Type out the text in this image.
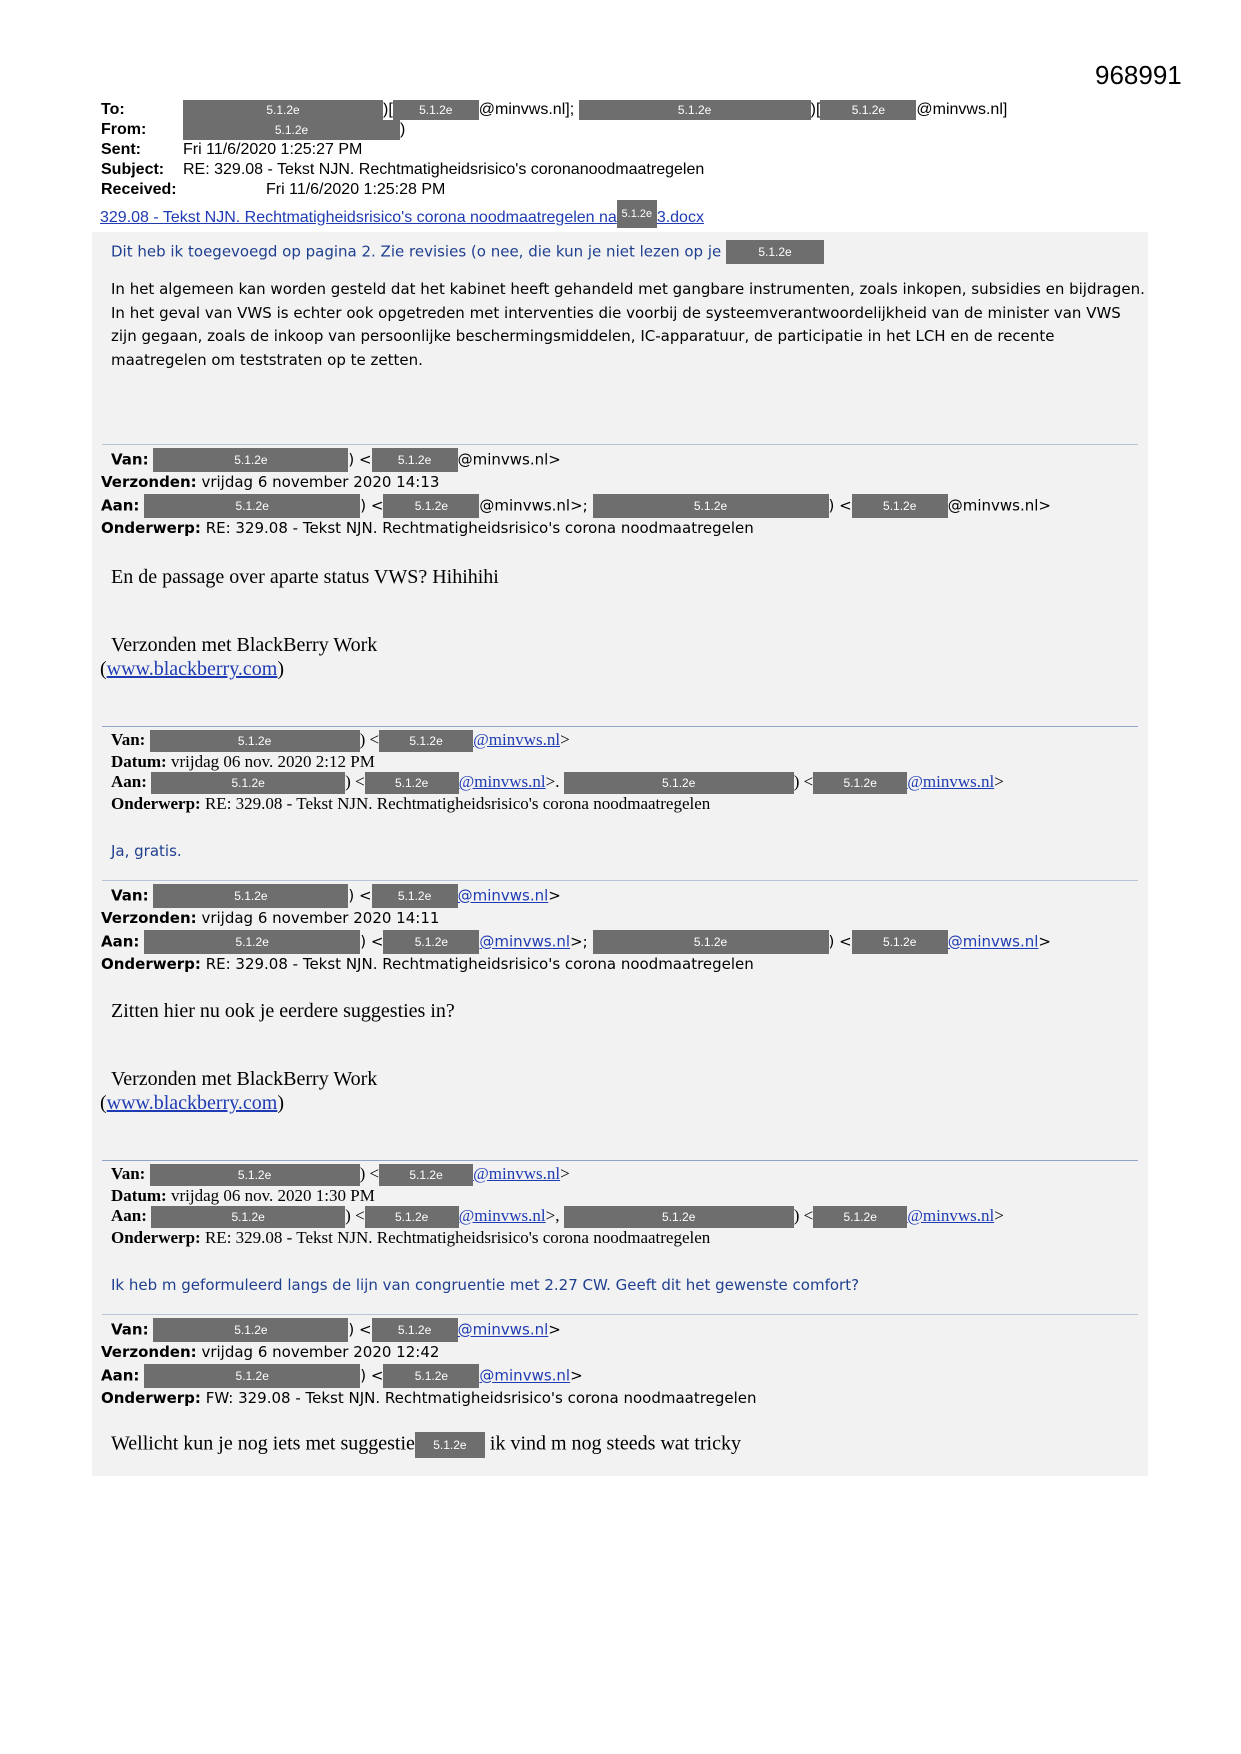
968991
To:	5.1.2e	)[ 5.1.2e @minvws.nl];	5.1.2e	)[	5.1.2e @minvws.nl]
From:	5.1.2e	)
Sent:	Fri 11/6/2020 1:25:27 PM
Subject: RE: 329.08 - Tekst NJN. Rechtmatigheidsrisico's coronanoodmaatregelen
Received:	Fri 11/6/2020 1:25:28 PM
329.08 - Tekst NJN. Rechtmatigheidsrisico's corona noodmaatregelen na 5.1.2e 3.docx
Dit heb ik toegevoegd op pagina 2. Zie revisies (o nee, die kun je niet lezen op je	5.1.2e
In het algemeen kan worden gesteld dat het kabinet heeft gehandeld met gangbare instrumenten, zoals inkopen, subsidies en bijdragen. In het geval van VWS is echter ook opgetreden met interventies die voorbij de systeemverantwoordelijkheid van de minister van VWS zijn gegaan, zoals de inkoop van persoonlijke beschermingsmiddelen, IC-apparatuur, de participatie in het LCH en de recente maatregelen om teststraten op te zetten.
Van:	5.1.2e	) < 5.1.2e @minvws.nl>
Verzonden: vrijdag 6 november 2020 14:13
Aan:	5.1.2e	) <	5.1.2e @minvws.nl>;	5.1.2e	) <	5.1.2e @minvws.nl>
Onderwerp: RE: 329.08 - Tekst NJN. Rechtmatigheidsrisico's corona noodmaatregelen
En de passage over aparte status VWS? Hihihihi
Verzonden met BlackBerry Work
(www.blackberry.com)
Van:	5.1.2e	) <	5.1.2e @minvws.nl>
Datum: vrijdag 06 nov. 2020 2:12 PM
Aan:	5.1.2e	) <	5.1.2e @minvws.nl>.	5.1.2e	) <	5.1.2e @minvws.nl>
Onderwerp: RE: 329.08 - Tekst NJN. Rechtmatigheidsrisico's corona noodmaatregelen
Ja, gratis.
Van:	5.1.2e	) < 5.1.2e @minvws.nl>
Verzonden: vrijdag 6 november 2020 14:11
Aan:	5.1.2e	) <	5.1.2e @minvws.nl>;	5.1.2e	) <	5.1.2e @minvws.nl>
Onderwerp: RE: 329.08 - Tekst NJN. Rechtmatigheidsrisico's corona noodmaatregelen
Zitten hier nu ook je eerdere suggesties in?
Verzonden met BlackBerry Work
(www.blackberry.com)
Van:	5.1.2e	) <	5.1.2e @minvws.nl>
Datum: vrijdag 06 nov. 2020 1:30 PM
Aan:	5.1.2e	) <	5.1.2e @minvws.nl>,	5.1.2e	) <	5.1.2e @minvws.nl>
Onderwerp: RE: 329.08 - Tekst NJN. Rechtmatigheidsrisico's corona noodmaatregelen
Ik heb m geformuleerd langs de lijn van congruentie met 2.27 CW. Geeft dit het gewenste comfort?
Van:	5.1.2e	) < 5.1.2e @minvws.nl>
Verzonden: vrijdag 6 november 2020 12:42
Aan:	5.1.2e	) <	5.1.2e @minvws.nl>
Onderwerp: FW: 329.08 - Tekst NJN. Rechtmatigheidsrisico's corona noodmaatregelen
Wellicht kun je nog iets met suggestie 5.1.2e ik vind m nog steeds wat tricky
